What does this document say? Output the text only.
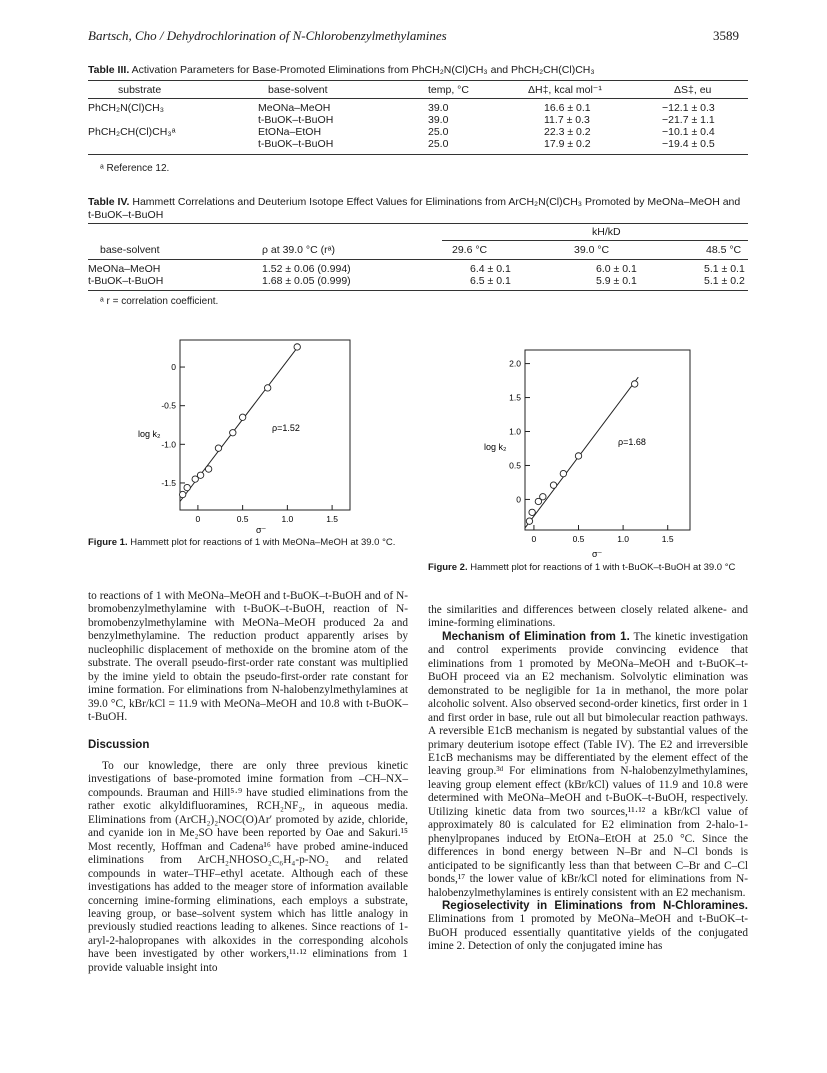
Bartsch, Cho / Dehydrochlorination of N-Chlorobenzylmethylamines	3589
Table III. Activation Parameters for Base-Promoted Eliminations from PhCH₂N(Cl)CH₃ and PhCH₂CH(Cl)CH₃
substrate	base-solvent	temp, °C	ΔH‡, kcal mol⁻¹	ΔS‡, eu
PhCH₂N(Cl)CH₃	MeONa–MeOH	39.0	16.6 ± 0.1	−12.1 ± 0.3
t-BuOK–t-BuOH	39.0	11.7 ± 0.3	−21.7 ± 1.1
PhCH₂CH(Cl)CH₃ᵃ	EtONa–EtOH	25.0	22.3 ± 0.2	−10.1 ± 0.4
t-BuOK–t-BuOH	25.0	17.9 ± 0.2	−19.4 ± 0.5
ᵃ Reference 12.
Table IV. Hammett Correlations and Deuterium Isotope Effect Values for Eliminations from ArCH₂N(Cl)CH₃ Promoted by MeONa–MeOH and t-BuOK–t-BuOH
kH/kD
base-solvent	ρ at 39.0 °C (rᵃ)	29.6 °C	39.0 °C	48.5 °C
MeONa–MeOH	1.52 ± 0.06 (0.994)	6.4 ± 0.1	6.0 ± 0.1	5.1 ± 0.1
t-BuOK–t-BuOH	1.68 ± 0.05 (0.999)	6.5 ± 0.1	5.9 ± 0.1	5.1 ± 0.2
ᵃ r = correlation coefficient.
0
-0.5
-1.0
-1.5
0	0.5	1.0	1.5
log k₂
σ⁻
ρ=1.52
Figure 1. Hammett plot for reactions of 1 with MeONa–MeOH at 39.0 °C.
2.0
1.5
1.0
0.5
0
0	0.5	1.0	1.5
log k₂
σ⁻
ρ=1.68
Figure 2. Hammett plot for reactions of 1 with t-BuOK–t-BuOH at 39.0 °C

to reactions of 1 with MeONa–MeOH and t-BuOK–t-BuOH and of N-bromobenzylmethylamine with t-BuOK–t-BuOH, reaction of N-bromobenzylmethylamine with MeONa–MeOH produced 2a and benzylmethylamine. The reduction product apparently arises by nucleophilic displacement of methoxide on the bromine atom of the substrate. The overall pseudo-first-order rate constant was multiplied by the imine yield to obtain the pseudo-first-order rate constant for imine formation. For eliminations from N-halobenzylmethylamines at 39.0 °C, kBr/kCl = 11.9 with MeONa–MeOH and 10.8 with t-BuOK–t-BuOH.

Discussion

To our knowledge, there are only three previous kinetic investigations of base-promoted imine formation from –CH–NX– compounds. Brauman and Hill⁵·⁹ have studied eliminations from the rather exotic alkyldifluoramines, RCH₂NF₂, in aqueous media. Eliminations from (ArCH₂)₂NOC(O)Ar′ promoted by azide, chloride, and cyanide ion in Me₂SO have been reported by Oae and Sakuri.¹⁵ Most recently, Hoffman and Cadena¹⁶ have probed amine-induced eliminations from ArCH₂NHOSO₂C₆H₄-p-NO₂ and related compounds in water–THF–ethyl acetate. Although each of these investigations has added to the meager store of information available concerning imine-forming eliminations, each employs a substrate, leaving group, or base–solvent system which has little analogy in previously studied reactions leading to alkenes. Since reactions of 1-aryl-2-halopropanes with alkoxides in the corresponding alcohols have been investigated by other workers,¹¹·¹² eliminations from 1 provide valuable insight into

the similarities and differences between closely related alkene- and imine-forming eliminations.

Mechanism of Elimination from 1. The kinetic investigation and control experiments provide convincing evidence that eliminations from 1 promoted by MeONa–MeOH and t-BuOK–t-BuOH proceed via an E2 mechanism. Solvolytic elimination was demonstrated to be negligible for 1a in methanol, the more polar alcoholic solvent. Also observed second-order kinetics, first order in 1 and first order in base, rule out all but bimolecular reaction pathways. A reversible E1cB mechanism is negated by substantial values of the primary deuterium isotope effect (Table IV). The E2 and irreversible E1cB mechanisms may be differentiated by the element effect of the leaving group.³ᵈ For eliminations from N-halobenzylmethylamines, leaving group element effect (kBr/kCl) values of 11.9 and 10.8 were determined with MeONa–MeOH and t-BuOK–t-BuOH, respectively. Utilizing kinetic data from two sources,¹¹·¹² a kBr/kCl value of approximately 80 is calculated for E2 elimination from 2-halo-1-phenylpropanes induced by EtONa–EtOH at 25.0 °C. Since the differences in bond energy between N–Br and N–Cl bonds is anticipated to be significantly less than that between C–Br and C–Cl bonds,¹⁷ the lower value of kBr/kCl noted for eliminations from N-halobenzylmethylamines is entirely consistent with an E2 mechanism.

Regioselectivity in Eliminations from N-Chloramines. Eliminations from 1 promoted by MeONa–MeOH and t-BuOK–t-BuOH produced essentially quantitative yields of the conjugated imine 2. Detection of only the conjugated imine has
